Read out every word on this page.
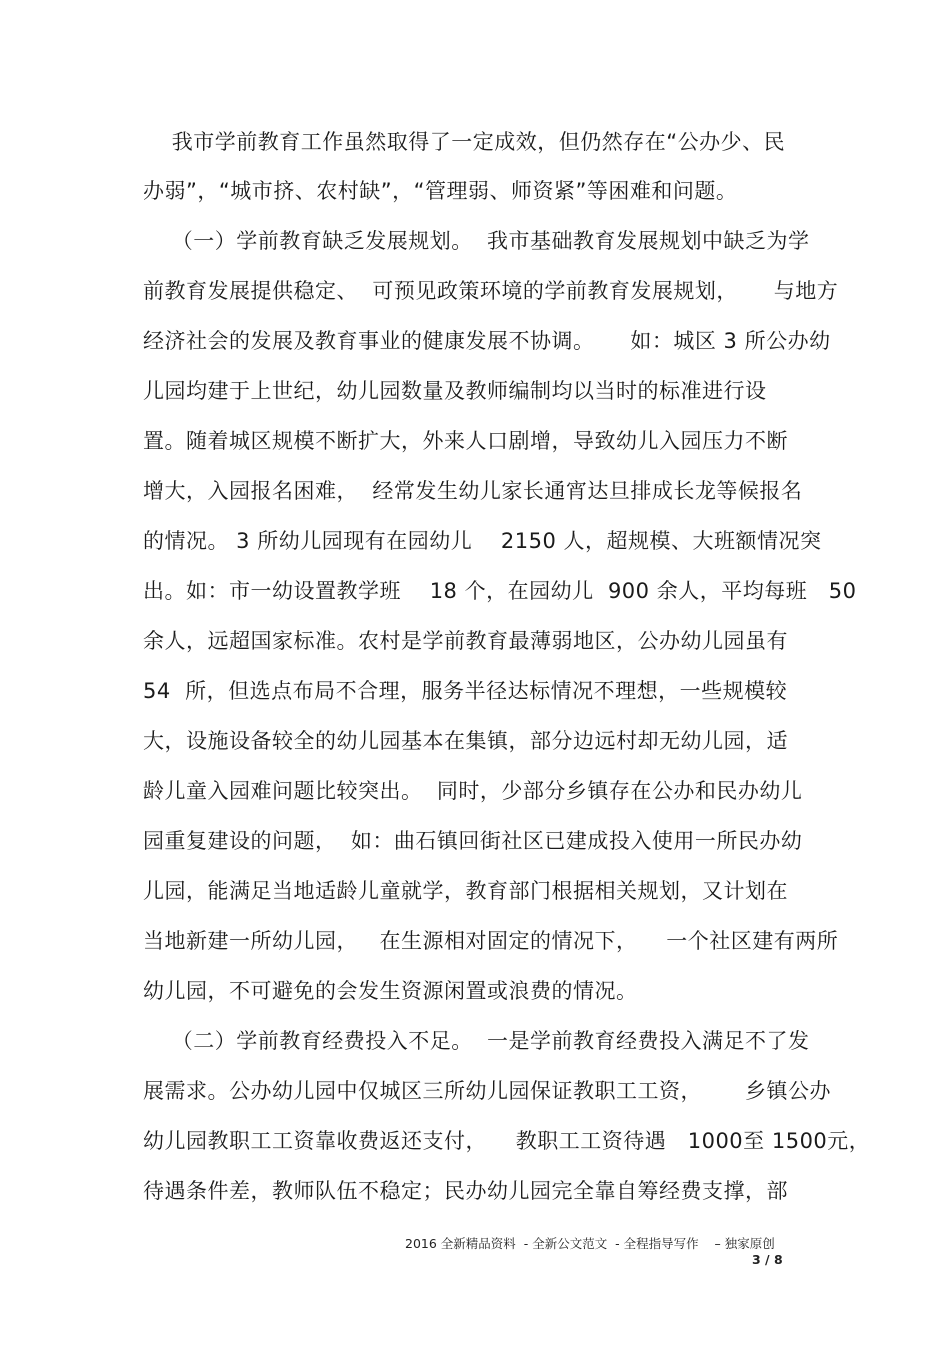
我市学前教育工作虽然取得了一定成效，但仍然存在“公办少、民
办弱”，“城市挤、农村缺”，“管理弱、师资紧”等困难和问题。
（一）学前教育缺乏发展规划。  我市基础教育发展规划中缺乏为学
前教育发展提供稳定、  可预见政策环境的学前教育发展规划，     与地方
经济社会的发展及教育事业的健康发展不协调。     如：城区 3 所公办幼
儿园均建于上世纪，幼儿园数量及教师编制均以当时的标准进行设
置。随着城区规模不断扩大，外来人口剧增，导致幼儿入园压力不断
增大，入园报名困难，  经常发生幼儿家长通宵达旦排成长龙等候报名
的情况。 3 所幼儿园现有在园幼儿    2150 人，超规模、大班额情况突
出。如：市一幼设置教学班    18 个，在园幼儿  900 余人，平均每班   50
余人，远超国家标准。农村是学前教育最薄弱地区，公办幼儿园虽有
54  所，但选点布局不合理，服务半径达标情况不理想，一些规模较
大，设施设备较全的幼儿园基本在集镇，部分边远村却无幼儿园，适
龄儿童入园难问题比较突出。  同时，少部分乡镇存在公办和民办幼儿
园重复建设的问题，  如：曲石镇回街社区已建成投入使用一所民办幼
儿园，能满足当地适龄儿童就学，教育部门根据相关规划，又计划在
当地新建一所幼儿园，   在生源相对固定的情况下，    一个社区建有两所
幼儿园，不可避免的会发生资源闲置或浪费的情况。
（二）学前教育经费投入不足。  一是学前教育经费投入满足不了发
展需求。公办幼儿园中仅城区三所幼儿园保证教职工工资，      乡镇公办
幼儿园教职工工资靠收费返还支付，    教职工工资待遇   1000至 1500元，
待遇条件差，教师队伍不稳定；民办幼儿园完全靠自筹经费支撑，部
2016 全新精品资料  - 全新公文范文  - 全程指导写作    – 独家原创
3 / 8
